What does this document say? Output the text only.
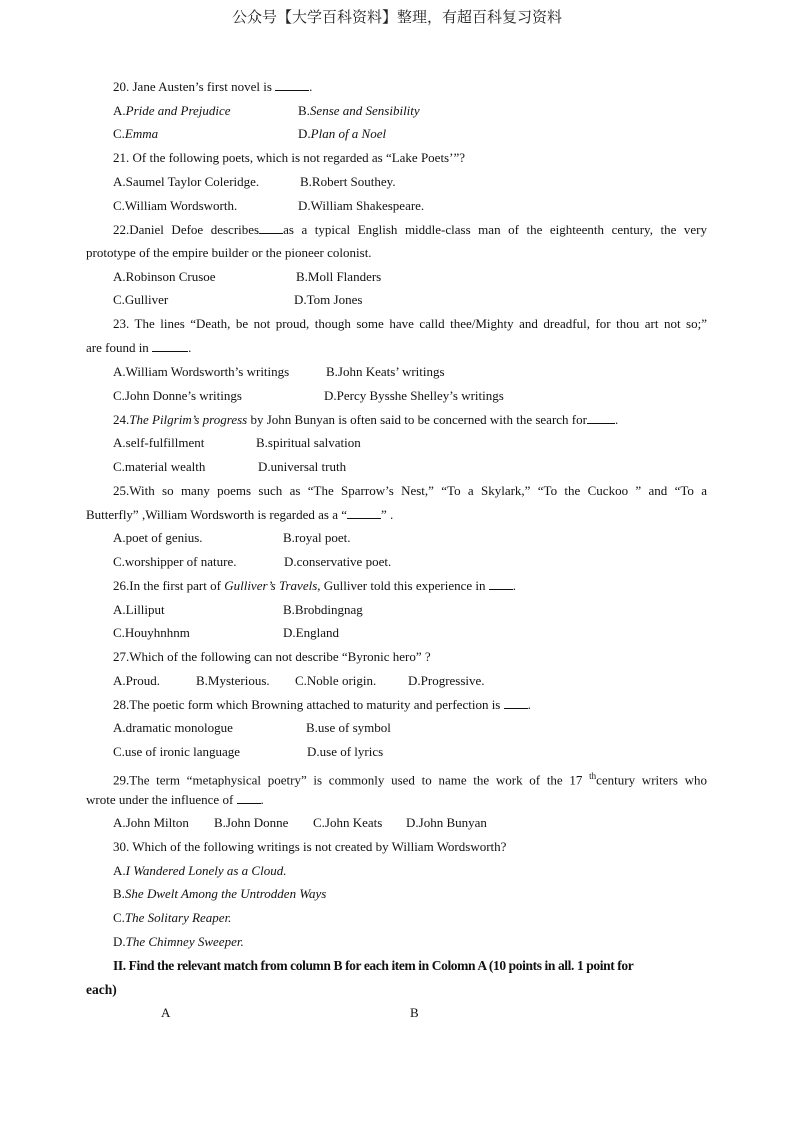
公众号【大学百科资料】整理，有超百科复习资料
20. Jane Austen’s first novel is	.
A.Pride and Prejudice	B.Sense and Sensibility
C.Emma	D.Plan of a Noel
21. Of the following poets, which is not regarded as “Lake Poets’”?
A.Saumel Taylor Coleridge.	B.Robert Southey.
C.William Wordsworth.	D.William Shakespeare.
22.Daniel Defoe describes as a typical English middle-class man of the eighteenth century, the very
prototype of the empire builder or the pioneer colonist.
A.Robinson Crusoe	B.Moll Flanders
C.Gulliver	D.Tom Jones
23. The lines “Death, be not proud, though some have calld thee/Mighty and dreadful, for thou art not so;”
are found in	.
A.William Wordsworth’s writings	B.John Keats’ writings
C.John Donne’s writings	D.Percy Bysshe Shelley’s writings
24.The Pilgrim’s progress by John Bunyan is often said to be concerned with the search for .
A.self-fulfillment	B.spiritual salvation
C.material wealth	D.universal truth
25.With so many poems such as “The Sparrow’s Nest,” “To a Skylark,” “To the Cuckoo ” and “To a
Butterfly” ,William Wordsworth is regarded as a “	” .
A.poet of genius.	B.royal poet.
C.worshipper of nature.	D.conservative poet.
26.In the first part of Gulliver’s Travels, Gulliver told this experience in .
A.Lilliput	B.Brobdingnag
C.Houyhnhnm	D.England
27.Which of the following can not describe “Byronic hero” ?
A.Proud.	B.Mysterious. C.Noble origin. D.Progressive.
28.The poetic form which Browning attached to maturity and perfection is .
A.dramatic monologue	B.use of symbol
C.use of ironic language	D.use of lyrics
29.The term “metaphysical poetry” is commonly used to name the work of the 17 $^{th}$century writers who
wrote under the influence of .
A.John Milton B.John Donne C.John Keats D.John Bunyan
30. Which of the following writings is not created by William Wordsworth?
A.I Wandered Lonely as a Cloud.
B.She Dwelt Among the Untrodden Ways
C.The Solitary Reaper.
D.The Chimney Sweeper.
II. Find the relevant match from column B for each item in Colomn A (10 points in all. 1 point for
each)
A	B
